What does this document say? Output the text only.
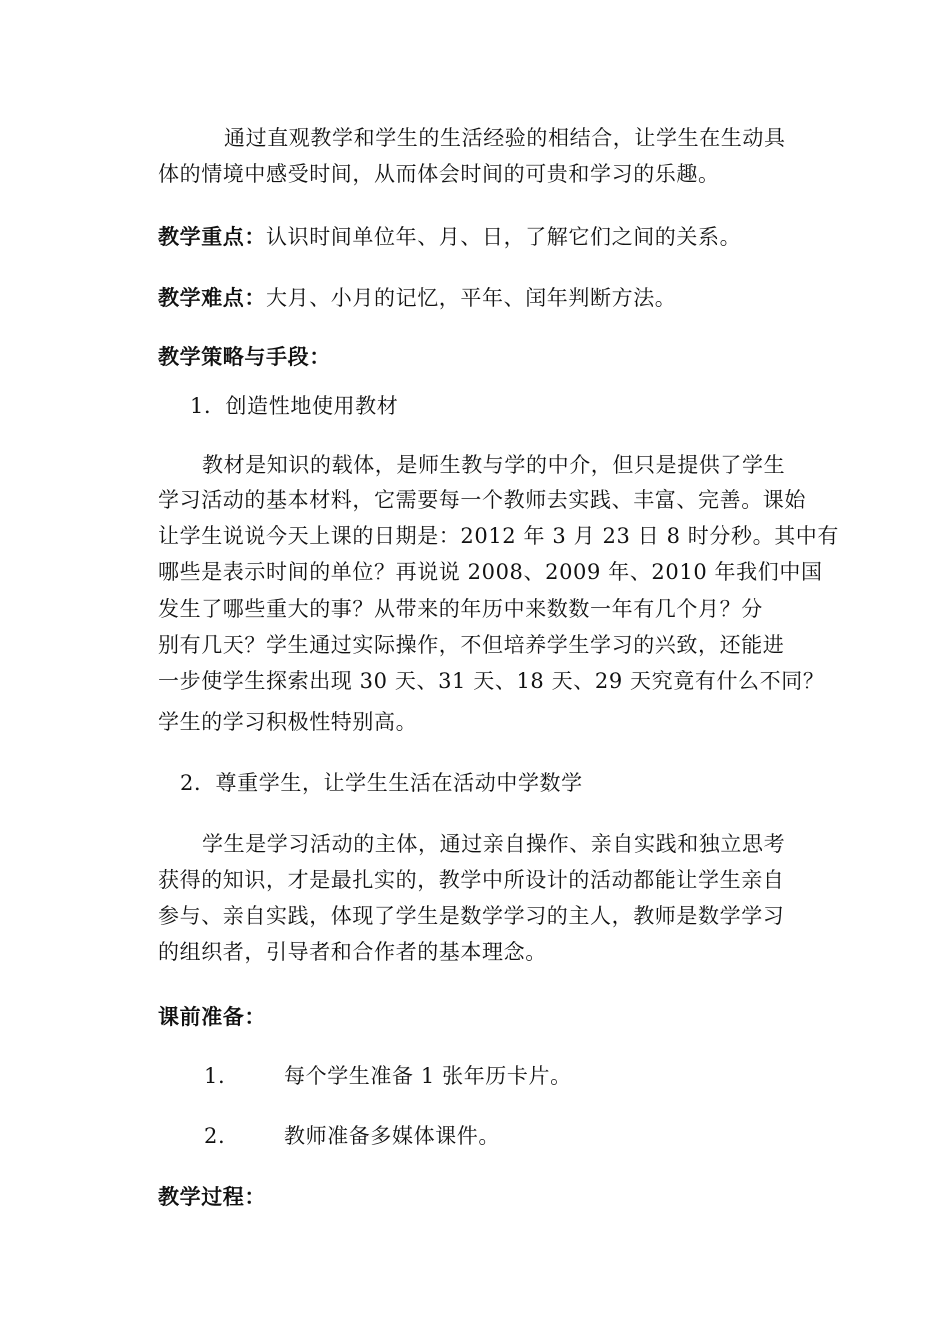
通过直观教学和学生的生活经验的相结合，让学生在生动具
体的情境中感受时间，从而体会时间的可贵和学习的乐趣。
教学重点：认识时间单位年、月、日，了解它们之间的关系。
教学难点：大月、小月的记忆，平年、闰年判断方法。
教学策略与手段：
1．创造性地使用教材
教材是知识的载体，是师生教与学的中介，但只是提供了学生
学习活动的基本材料，它需要每一个教师去实践、丰富、完善。课始
让学生说说今天上课的日期是：2012 年 3 月 23 日 8 时分秒。其中有
哪些是表示时间的单位？再说说 2008、2009 年、2010 年我们中国
发生了哪些重大的事？从带来的年历中来数数一年有几个月？分
别有几天？学生通过实际操作，不但培养学生学习的兴致，还能进
一步使学生探索出现 30 天、31 天、18 天、29 天究竟有什么不同？
学生的学习积极性特别高。
2．尊重学生，让学生生活在活动中学数学
学生是学习活动的主体，通过亲自操作、亲自实践和独立思考
获得的知识，才是最扎实的，教学中所设计的活动都能让学生亲自
参与、亲自实践，体现了学生是数学学习的主人，教师是数学学习
的组织者，引导者和合作者的基本理念。
课前准备：
1.	每个学生准备 1 张年历卡片。
2.	教师准备多媒体课件。
教学过程：
